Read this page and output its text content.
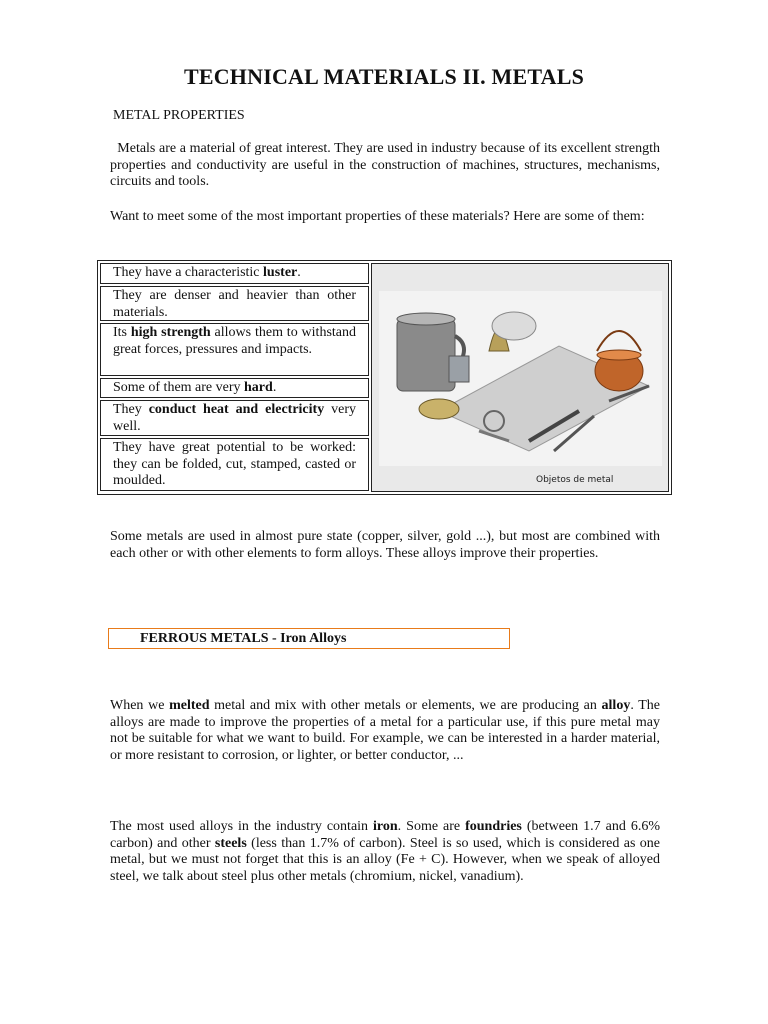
TECHNICAL MATERIALS II. METALS
METAL PROPERTIES
Metals are a material of great interest. They are used in industry because of its excellent strength properties and conductivity are useful in the construction of machines, structures, mechanisms, circuits and tools.
Want to meet some of the most important properties of these materials? Here are some of them:
They have a characteristic luster.
They are denser and heavier than other materials.
Its high strength allows them to withstand great forces, pressures and impacts.
Some of them are very hard.
They conduct heat and electricity very well.
They have great potential to be worked: they can be folded, cut, stamped, casted or moulded.	Objetos de metal
Some metals are used in almost pure state (copper, silver, gold ...), but most are combined with each other or with other elements to form alloys. These alloys improve their properties.
FERROUS METALS - Iron Alloys
When we melted metal and mix with other metals or elements, we are producing an alloy. The alloys are made to improve the properties of a metal for a particular use, if this pure metal may not be suitable for what we want to build. For example, we can be interested in a harder material, or more resistant to corrosion, or lighter, or better conductor, ...
The most used alloys in the industry contain iron. Some are foundries (between 1.7 and 6.6% carbon) and other steels (less than 1.7% of carbon). Steel is so used, which is considered as one metal, but we must not forget that this is an alloy (Fe + C). However, when we speak of alloyed steel, we talk about steel plus other metals (chromium, nickel, vanadium).
